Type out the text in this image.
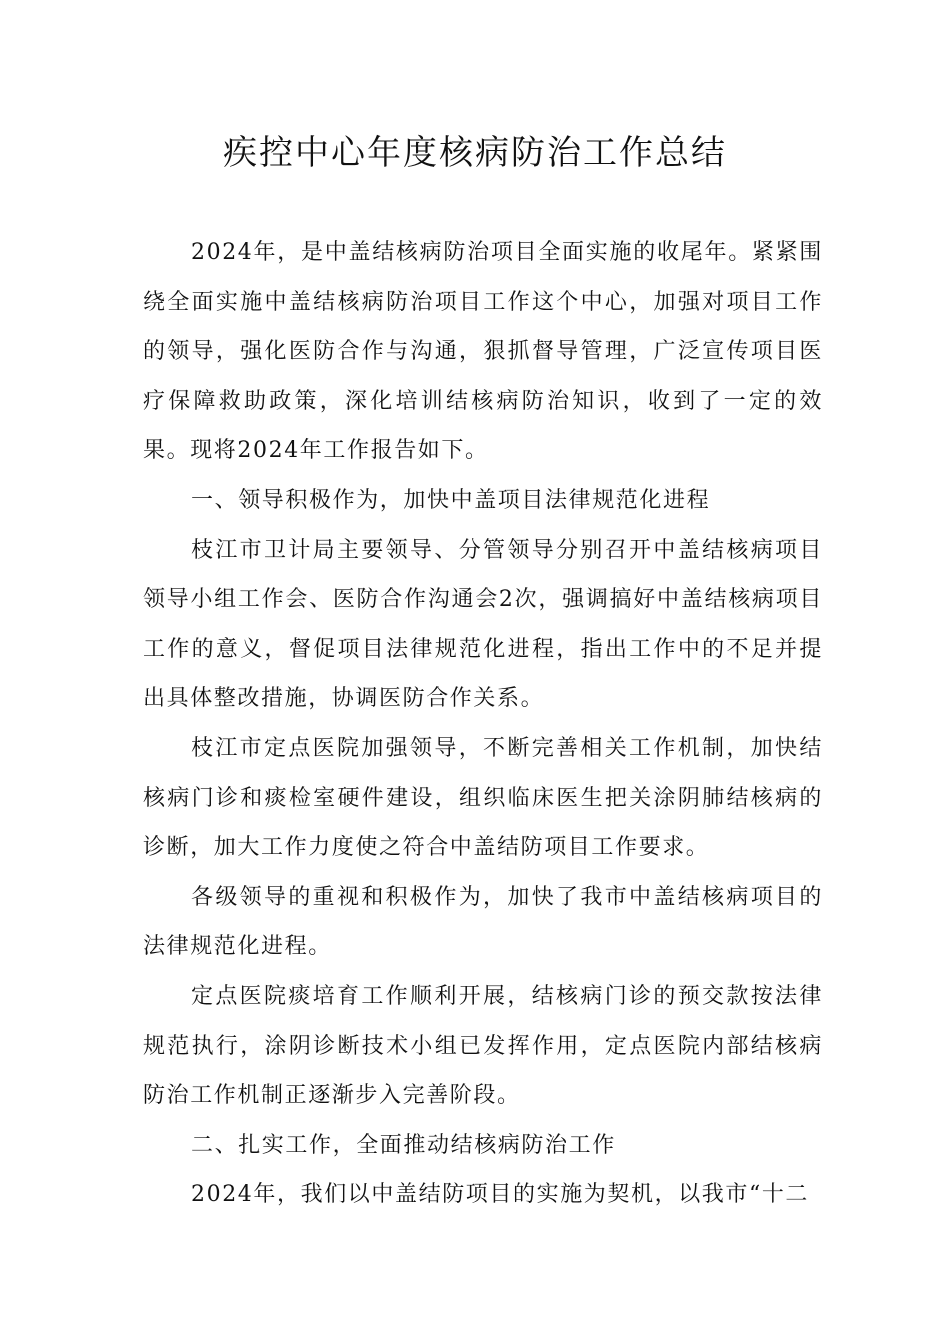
疾控中心年度核病防治工作总结

2024年，是中盖结核病防治项目全面实施的收尾年。紧紧围绕全面实施中盖结核病防治项目工作这个中心，加强对项目工作的领导，强化医防合作与沟通，狠抓督导管理，广泛宣传项目医疗保障救助政策，深化培训结核病防治知识，收到了一定的效果。现将2024年工作报告如下。

一、领导积极作为，加快中盖项目法律规范化进程

枝江市卫计局主要领导、分管领导分别召开中盖结核病项目领导小组工作会、医防合作沟通会2次，强调搞好中盖结核病项目工作的意义，督促项目法律规范化进程，指出工作中的不足并提出具体整改措施，协调医防合作关系。

枝江市定点医院加强领导，不断完善相关工作机制，加快结核病门诊和痰检室硬件建设，组织临床医生把关涂阴肺结核病的诊断，加大工作力度使之符合中盖结防项目工作要求。

各级领导的重视和积极作为，加快了我市中盖结核病项目的法律规范化进程。

定点医院痰培育工作顺利开展，结核病门诊的预交款按法律规范执行，涂阴诊断技术小组已发挥作用，定点医院内部结核病防治工作机制正逐渐步入完善阶段。

二、扎实工作，全面推动结核病防治工作

2024年，我们以中盖结防项目的实施为契机，以我市“十二
